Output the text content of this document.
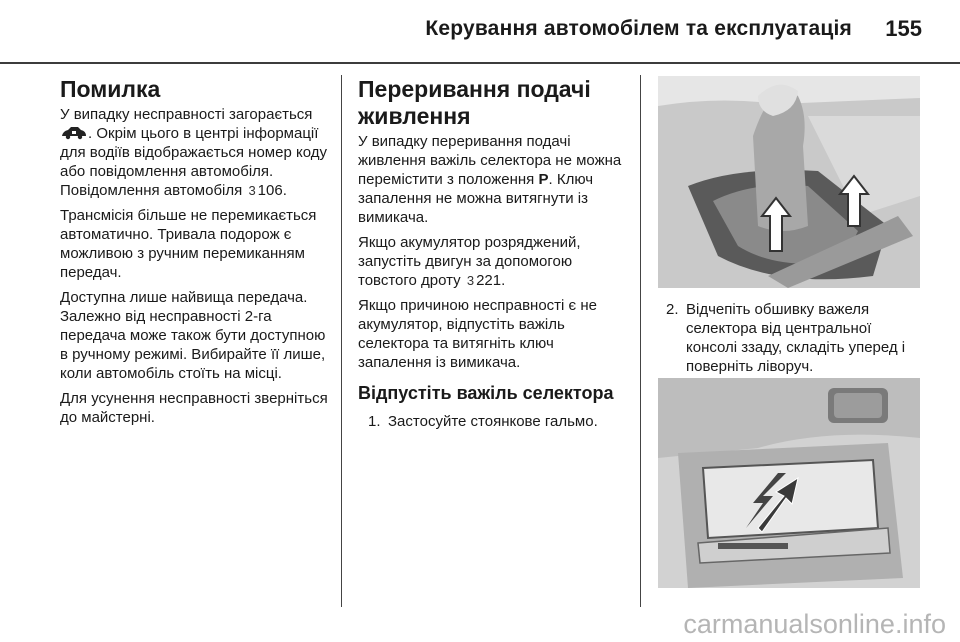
Керування автомобілем та експлуатація 155
Помилка

У випадку несправності загорається . Окрім цього в центрі інформації для водіїв відображається номер коду або повідомлення автомобіля. Повідомлення автомобіля 3 106.

Трансмісія більше не перемикається автоматично. Тривала подорож є можливою з ручним перемиканням передач.

Доступна лише найвища передача. Залежно від несправності 2-га передача може також бути доступною в ручному режимі. Вибирайте її лише, коли автомобіль стоїть на місці.

Для усунення несправності зверніться до майстерні.

Переривання подачі живлення

У випадку переривання подачі живлення важіль селектора не можна перемістити з положення P. Ключ запалення не можна витягнути із вимикача.

Якщо акумулятор розряджений, запустіть двигун за допомогою товстого дроту 3 221.

Якщо причиною несправності є не акумулятор, відпустіть важіль селектора та витягніть ключ запалення із вимикача.

Відпустіть важіль селектора
1. Застосуйте стоянкове гальмо.
2. Відчепіть обшивку важеля селектора від центральної консолі ззаду, складіть уперед і поверніть ліворуч.
carmanualsonline.info
